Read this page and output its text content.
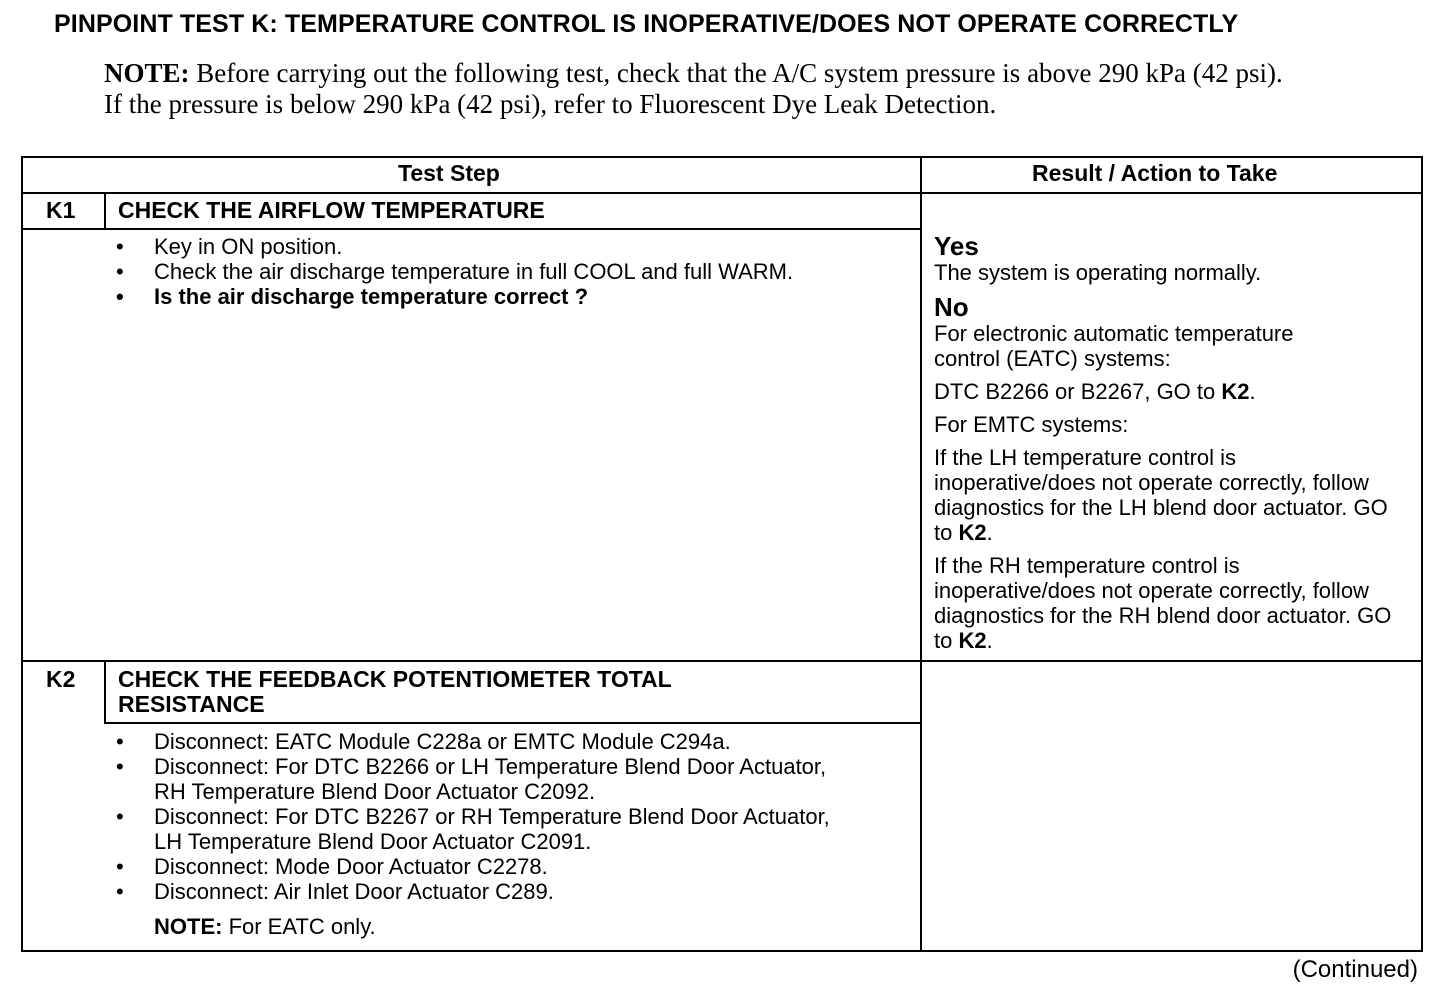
PINPOINT TEST K: TEMPERATURE CONTROL IS INOPERATIVE/DOES NOT OPERATE CORRECTLY
NOTE: Before carrying out the following test, check that the A/C system pressure is above 290 kPa (42 psi). If the pressure is below 290 kPa (42 psi), refer to Fluorescent Dye Leak Detection.
Test Step	Result / Action to Take
K1 CHECK THE AIRFLOW TEMPERATURE
• Key in ON position.
• Check the air discharge temperature in full COOL and full WARM.
• Is the air discharge temperature correct ?
Yes
The system is operating normally.
No
For electronic automatic temperature control (EATC) systems:
DTC B2266 or B2267, GO to K2.
For EMTC systems:
If the LH temperature control is inoperative/does not operate correctly, follow diagnostics for the LH blend door actuator. GO to K2.
If the RH temperature control is inoperative/does not operate correctly, follow diagnostics for the RH blend door actuator. GO to K2.
K2 CHECK THE FEEDBACK POTENTIOMETER TOTAL RESISTANCE
• Disconnect: EATC Module C228a or EMTC Module C294a.
• Disconnect: For DTC B2266 or LH Temperature Blend Door Actuator, RH Temperature Blend Door Actuator C2092.
• Disconnect: For DTC B2267 or RH Temperature Blend Door Actuator, LH Temperature Blend Door Actuator C2091.
• Disconnect: Mode Door Actuator C2278.
• Disconnect: Air Inlet Door Actuator C289.
NOTE: For EATC only.
(Continued)
